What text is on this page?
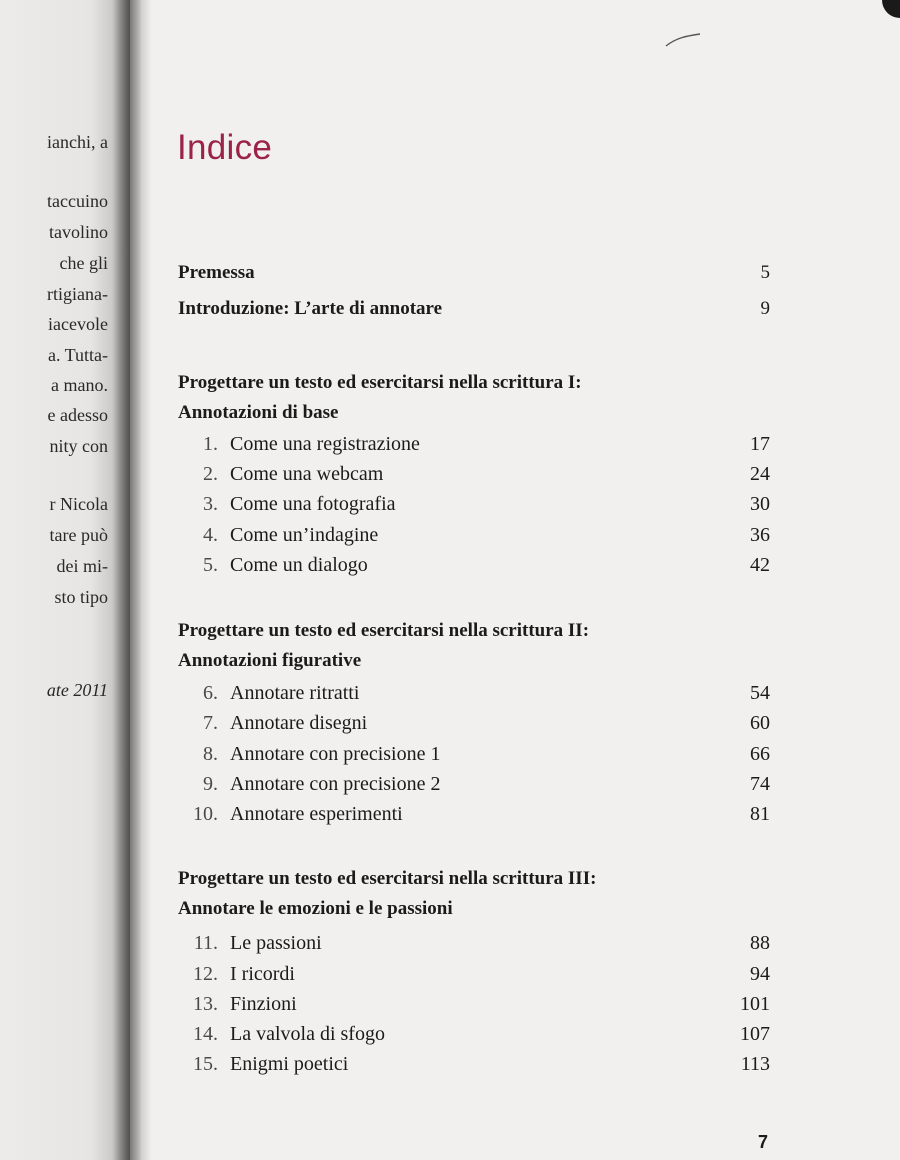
ianchi, a
taccuino
tavolino
che gli
rtigiana-
iacevole
a. Tutta-
a mano.
e adesso
nity con
r Nicola
tare può
dei mi-
sto tipo
ate 2011
Indice
Premessa	5
Introduzione: L’arte di annotare	9
Progettare un testo ed esercitarsi nella scrittura I:
Annotazioni di base
1. Come una registrazione	17
2. Come una webcam	24
3. Come una fotografia	30
4. Come un’indagine	36
5. Come un dialogo	42
Progettare un testo ed esercitarsi nella scrittura II:
Annotazioni figurative
6. Annotare ritratti	54
7. Annotare disegni	60
8. Annotare con precisione 1	66
9. Annotare con precisione 2	74
10. Annotare esperimenti	81
Progettare un testo ed esercitarsi nella scrittura III:
Annotare le emozioni e le passioni
11. Le passioni	88
12. I ricordi	94
13. Finzioni	101
14. La valvola di sfogo	107
15. Enigmi poetici	113
7
